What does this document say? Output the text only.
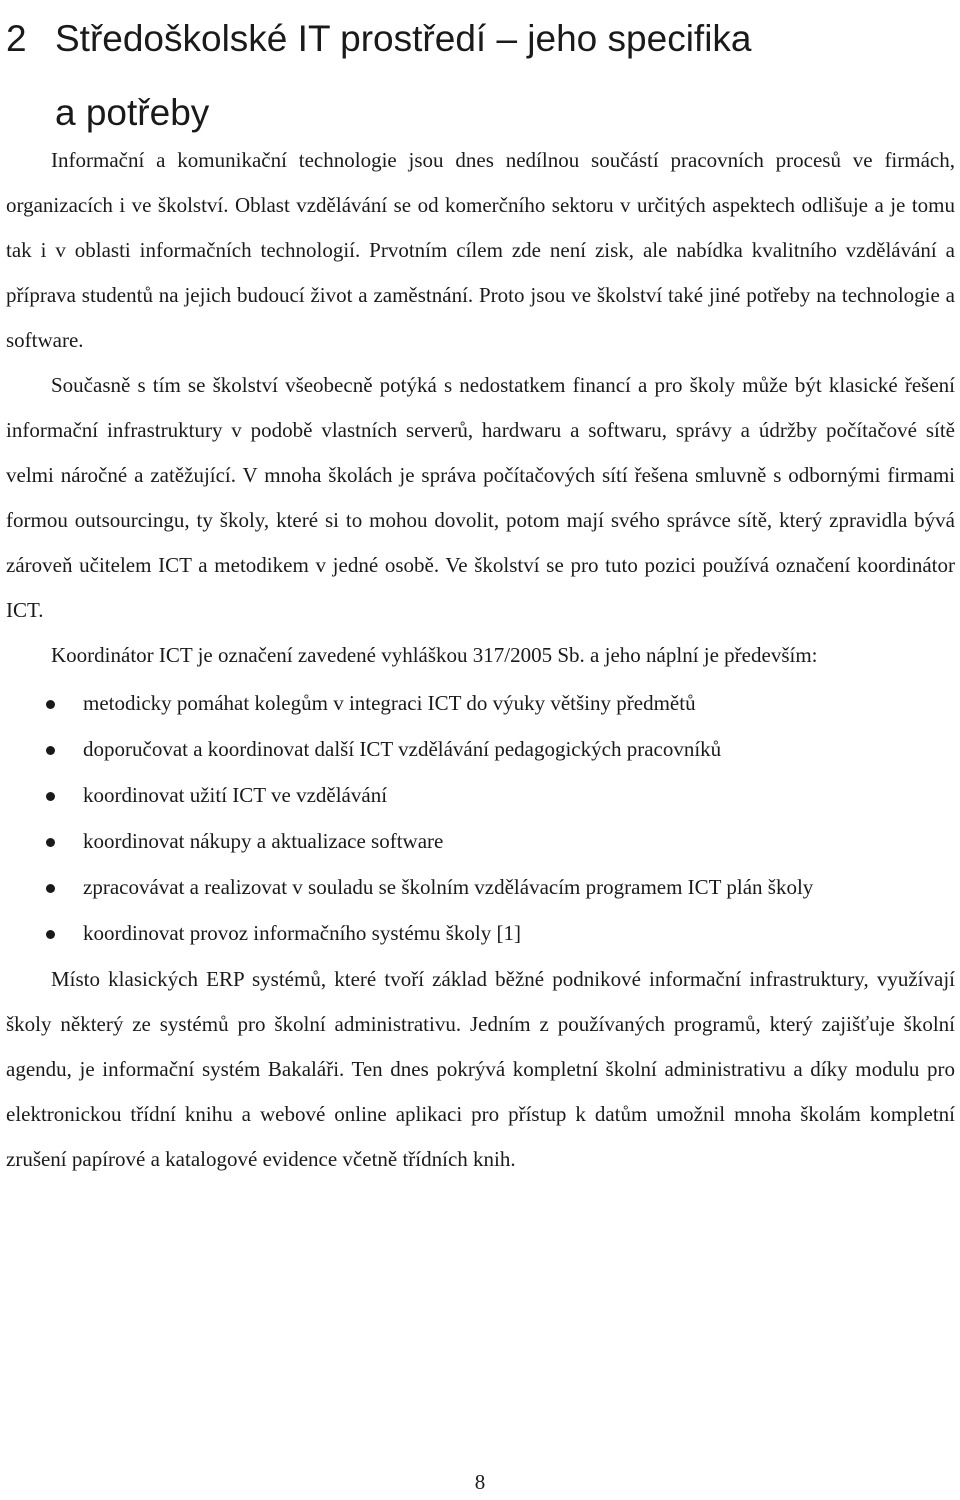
2 Středoškolské IT prostředí – jeho specifika
a potřeby

Informační a komunikační technologie jsou dnes nedílnou součástí pracovních procesů ve firmách, organizacích i ve školství. Oblast vzdělávání se od komerčního sektoru v určitých aspektech odlišuje a je tomu tak i v oblasti informačních technologií. Prvotním cílem zde není zisk, ale nabídka kvalitního vzdělávání a příprava studentů na jejich budoucí život a zaměstnání. Proto jsou ve školství také jiné potřeby na technologie a software.

Současně s tím se školství všeobecně potýká s nedostatkem financí a pro školy může být klasické řešení informační infrastruktury v podobě vlastních serverů, hardwaru a softwaru, správy a údržby počítačové sítě velmi náročné a zatěžující. V mnoha školách je správa počítačových sítí řešena smluvně s odbornými firmami formou outsourcingu, ty školy, které si to mohou dovolit, potom mají svého správce sítě, který zpravidla bývá zároveň učitelem ICT a metodikem v jedné osobě. Ve školství se pro tuto pozici používá označení koordinátor ICT.

Koordinátor ICT je označení zavedené vyhláškou 317/2005 Sb. a jeho náplní je především:

metodicky pomáhat kolegům v integraci ICT do výuky většiny předmětů
doporučovat a koordinovat další ICT vzdělávání pedagogických pracovníků
koordinovat užití ICT ve vzdělávání
koordinovat nákupy a aktualizace software
zpracovávat a realizovat v souladu se školním vzdělávacím programem ICT plán školy
koordinovat provoz informačního systému školy [1]

Místo klasických ERP systémů, které tvoří základ běžné podnikové informační infrastruktury, využívají školy některý ze systémů pro školní administrativu. Jedním z používaných programů, který zajišťuje školní agendu, je informační systém Bakaláři. Ten dnes pokrývá kompletní školní administrativu a díky modulu pro elektronickou třídní knihu a webové online aplikaci pro přístup k datům umožnil mnoha školám kompletní zrušení papírové a katalogové evidence včetně třídních knih.

8
